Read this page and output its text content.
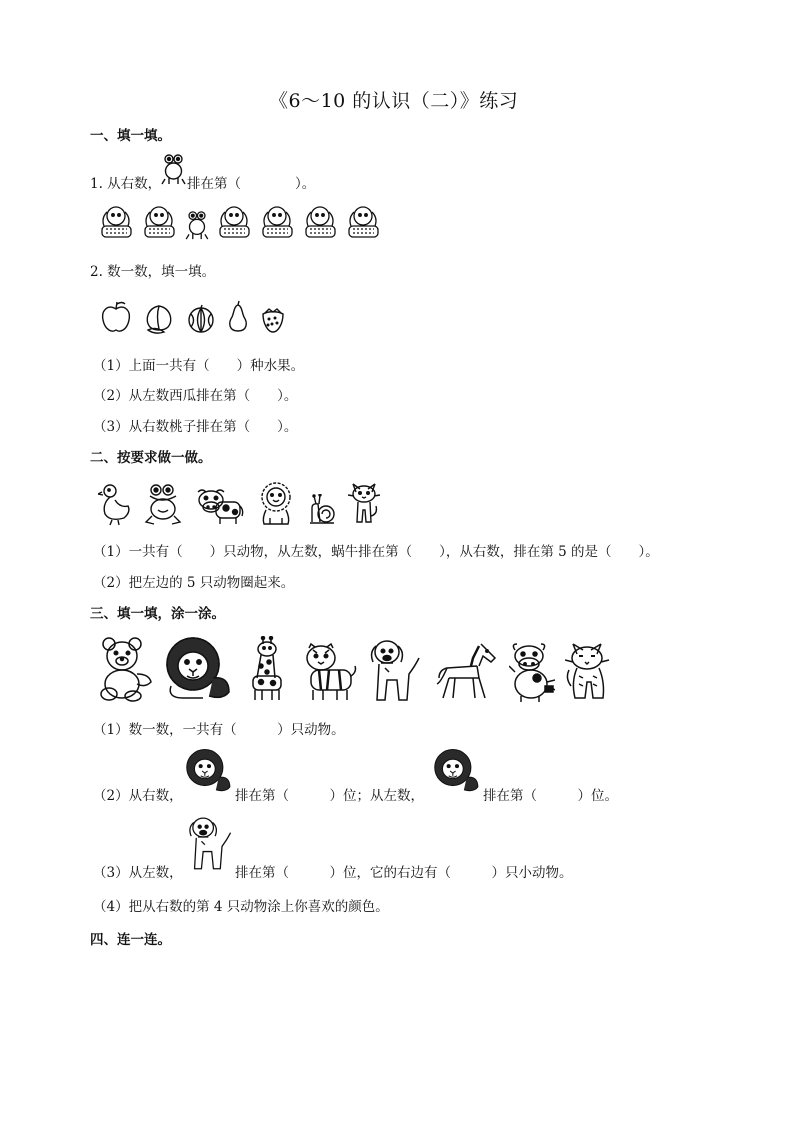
《6～10 的认识（二）》练习
一、填一填。
1. 从右数， 排在第（　　　　）。
2. 数一数，填一填。
（1）上面一共有（　　）种水果。
（2）从左数西瓜排在第（　　）。
（3）从右数桃子排在第（　　）。
二、按要求做一做。
（1）一共有（　　）只动物，从左数，蜗牛排在第（　　），从右数，排在第 5 的是（　　）。
（2）把左边的 5 只动物圈起来。
三、填一填，涂一涂。
（1）数一数，一共有（　　　）只动物。
（2）从右数，	排在第（　　　）位；从左数，	排在第（　　　）位。
（3）从左数，	排在第（　　　）位，它的右边有（　　　）只小动物。
（4）把从右数的第 4 只动物涂上你喜欢的颜色。
四、连一连。
